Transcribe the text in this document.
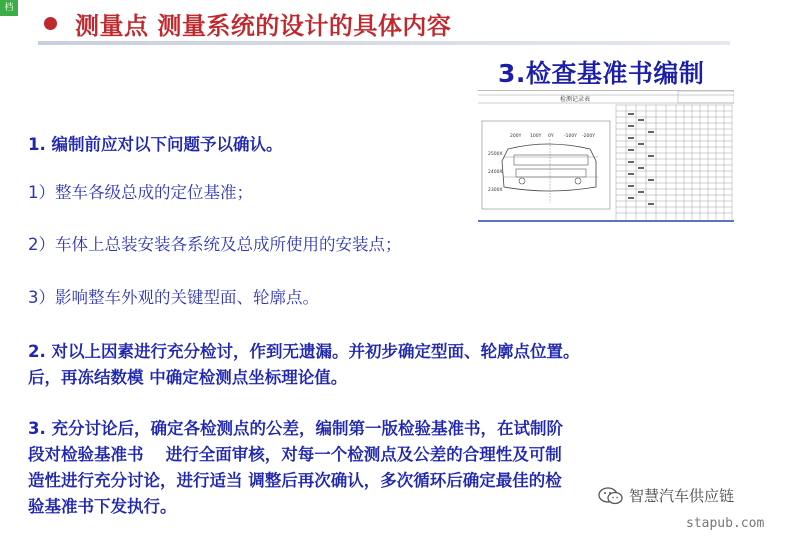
档
测量点 测量系统的设计的具体内容
3.检查基准书编制
检测记录表
200Y 100Y 0Y -100Y -200Y
2500X
2400X
2300X
1. 编制前应对以下问题予以确认。
1）整车各级总成的定位基准；
2）车体上总装安装各系统及总成所使用的安装点；
3）影响整车外观的关键型面、轮廓点。
2. 对以上因素进行充分检讨，作到无遗漏。并初步确定型面、轮廓点位置。
后，再冻结数模 中确定检测点坐标理论值。
3. 充分讨论后，确定各检测点的公差，编制第一版检验基准书，在试制阶
段对检验基准书　 进行全面审核，对每一个检测点及公差的合理性及可制
造性进行充分讨论，进行适当 调整后再次确认，多次循环后确定最佳的检
验基准书下发执行。
智慧汽车供应链
stapub.com
